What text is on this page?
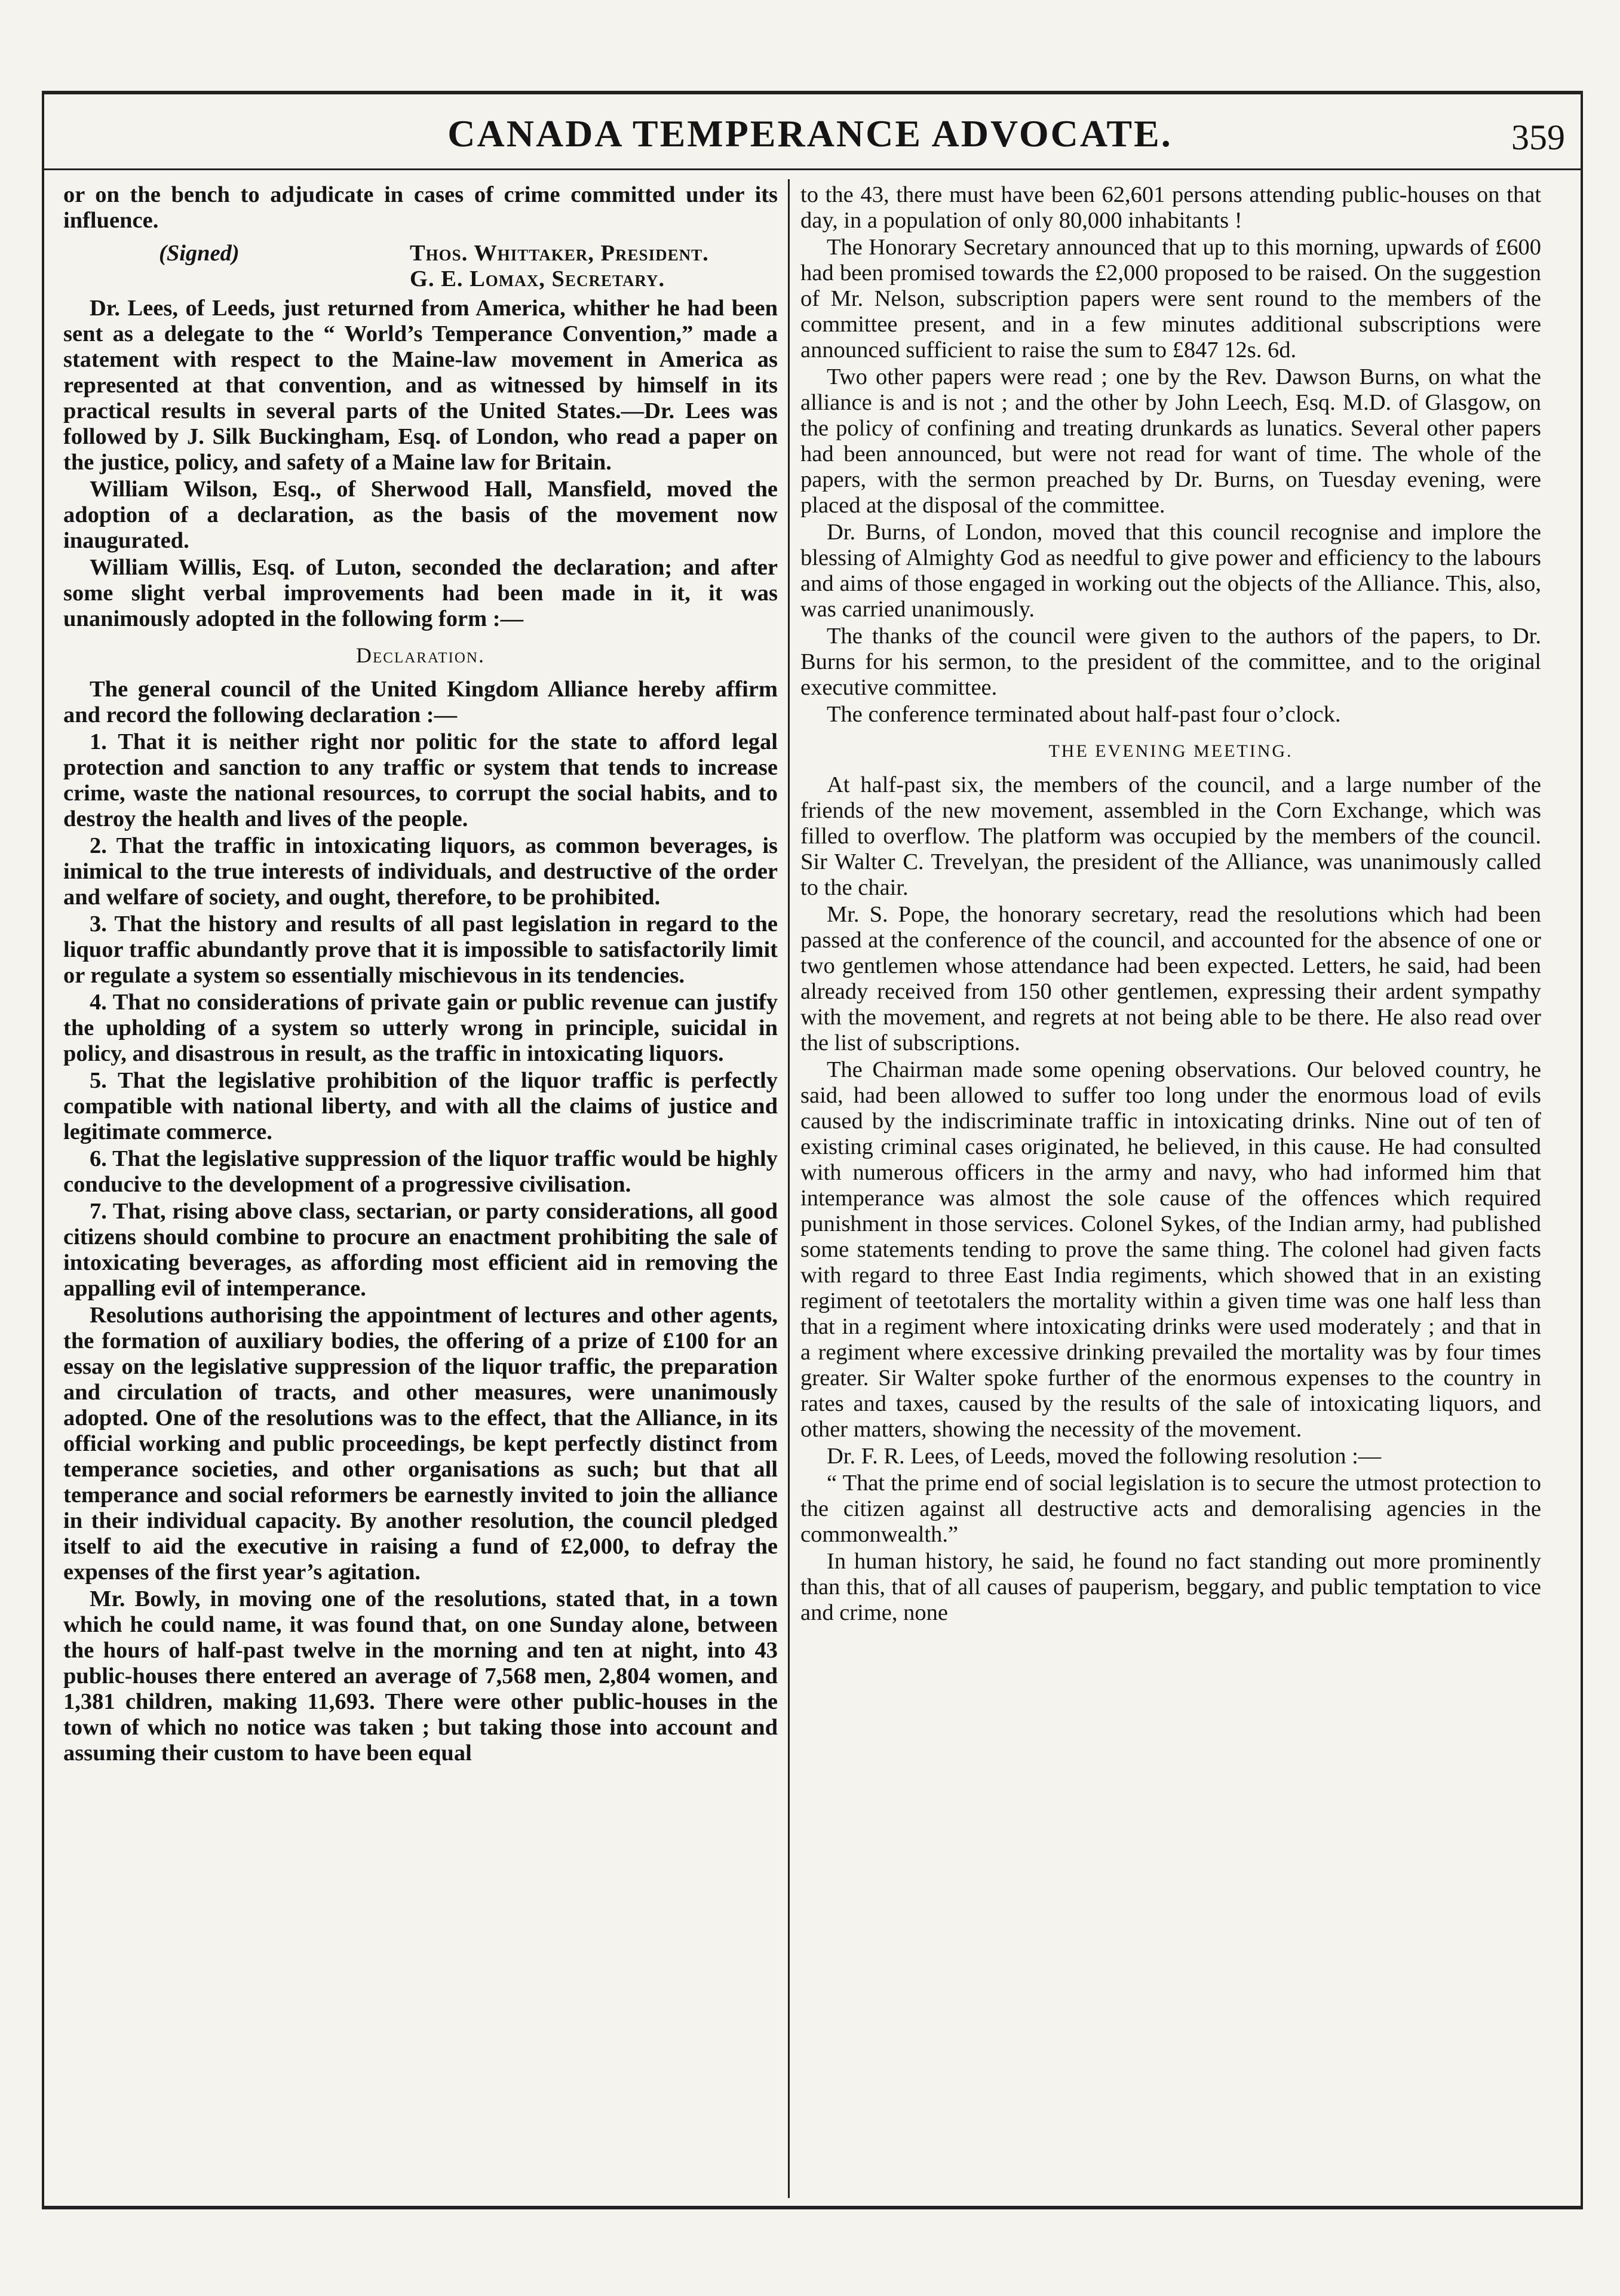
CANADA TEMPERANCE ADVOCATE.	359

or on the bench to adjudicate in cases of crime committed under its influence.

(Signed)	Thos. Whittaker, President.
G. E. Lomax, Secretary.

Dr. Lees, of Leeds, just returned from America, whither he had been sent as a delegate to the “ World’s Temperance Convention,” made a statement with respect to the Maine-law movement in America as represented at that convention, and as witnessed by himself in its practical results in several parts of the United States.—Dr. Lees was followed by J. Silk Buckingham, Esq. of London, who read a paper on the justice, policy, and safety of a Maine law for Britain.

William Wilson, Esq., of Sherwood Hall, Mansfield, moved the adoption of a declaration, as the basis of the movement now inaugurated.

William Willis, Esq. of Luton, seconded the declaration; and after some slight verbal improvements had been made in it, it was unanimously adopted in the following form :—

Declaration.

The general council of the United Kingdom Alliance hereby affirm and record the following declaration :—

1. That it is neither right nor politic for the state to afford legal protection and sanction to any traffic or system that tends to increase crime, waste the national resources, to corrupt the social habits, and to destroy the health and lives of the people.

2. That the traffic in intoxicating liquors, as common beverages, is inimical to the true interests of individuals, and destructive of the order and welfare of society, and ought, therefore, to be prohibited.

3. That the history and results of all past legislation in regard to the liquor traffic abundantly prove that it is impossible to satisfactorily limit or regulate a system so essentially mischievous in its tendencies.

4. That no considerations of private gain or public revenue can justify the upholding of a system so utterly wrong in principle, suicidal in policy, and disastrous in result, as the traffic in intoxicating liquors.

5. That the legislative prohibition of the liquor traffic is perfectly compatible with national liberty, and with all the claims of justice and legitimate commerce.

6. That the legislative suppression of the liquor traffic would be highly conducive to the development of a progressive civilisation.

7. That, rising above class, sectarian, or party considerations, all good citizens should combine to procure an enactment prohibiting the sale of intoxicating beverages, as affording most efficient aid in removing the appalling evil of intemperance.

Resolutions authorising the appointment of lectures and other agents, the formation of auxiliary bodies, the offering of a prize of £100 for an essay on the legislative suppression of the liquor traffic, the preparation and circulation of tracts, and other measures, were unanimously adopted. One of the resolutions was to the effect, that the Alliance, in its official working and public proceedings, be kept perfectly distinct from temperance societies, and other organisations as such; but that all temperance and social reformers be earnestly invited to join the alliance in their individual capacity. By another resolution, the council pledged itself to aid the executive in raising a fund of £2,000, to defray the expenses of the first year’s agitation.

Mr. Bowly, in moving one of the resolutions, stated that, in a town which he could name, it was found that, on one Sunday alone, between the hours of half-past twelve in the morning and ten at night, into 43 public-houses there entered an average of 7,568 men, 2,804 women, and 1,381 children, making 11,693. There were other public-houses in the town of which no notice was taken ; but taking those into account and assuming their custom to have been equal

to the 43, there must have been 62,601 persons attending public-houses on that day, in a population of only 80,000 inhabitants !

The Honorary Secretary announced that up to this morning, upwards of £600 had been promised towards the £2,000 proposed to be raised. On the suggestion of Mr. Nelson, subscription papers were sent round to the members of the committee present, and in a few minutes additional subscriptions were announced sufficient to raise the sum to £847 12s. 6d.

Two other papers were read ; one by the Rev. Dawson Burns, on what the alliance is and is not ; and the other by John Leech, Esq. M.D. of Glasgow, on the policy of confining and treating drunkards as lunatics. Several other papers had been announced, but were not read for want of time. The whole of the papers, with the sermon preached by Dr. Burns, on Tuesday evening, were placed at the disposal of the committee.

Dr. Burns, of London, moved that this council recognise and implore the blessing of Almighty God as needful to give power and efficiency to the labours and aims of those engaged in working out the objects of the Alliance. This, also, was carried unanimously.

The thanks of the council were given to the authors of the papers, to Dr. Burns for his sermon, to the president of the committee, and to the original executive committee.

The conference terminated about half-past four o’clock.

THE EVENING MEETING.

At half-past six, the members of the council, and a large number of the friends of the new movement, assembled in the Corn Exchange, which was filled to overflow. The platform was occupied by the members of the council. Sir Walter C. Trevelyan, the president of the Alliance, was unanimously called to the chair.

Mr. S. Pope, the honorary secretary, read the resolutions which had been passed at the conference of the council, and accounted for the absence of one or two gentlemen whose attendance had been expected. Letters, he said, had been already received from 150 other gentlemen, expressing their ardent sympathy with the movement, and regrets at not being able to be there. He also read over the list of subscriptions.

The Chairman made some opening observations. Our beloved country, he said, had been allowed to suffer too long under the enormous load of evils caused by the indiscriminate traffic in intoxicating drinks. Nine out of ten of existing criminal cases originated, he believed, in this cause. He had consulted with numerous officers in the army and navy, who had informed him that intemperance was almost the sole cause of the offences which required punishment in those services. Colonel Sykes, of the Indian army, had published some statements tending to prove the same thing. The colonel had given facts with regard to three East India regiments, which showed that in an existing regiment of teetotalers the mortality within a given time was one half less than that in a regiment where intoxicating drinks were used moderately ; and that in a regiment where excessive drinking prevailed the mortality was by four times greater. Sir Walter spoke further of the enormous expenses to the country in rates and taxes, caused by the results of the sale of intoxicating liquors, and other matters, showing the necessity of the movement.

Dr. F. R. Lees, of Leeds, moved the following resolution :—

“ That the prime end of social legislation is to secure the utmost protection to the citizen against all destructive acts and demoralising agencies in the commonwealth.”

In human history, he said, he found no fact standing out more prominently than this, that of all causes of pauperism, beggary, and public temptation to vice and crime, none
